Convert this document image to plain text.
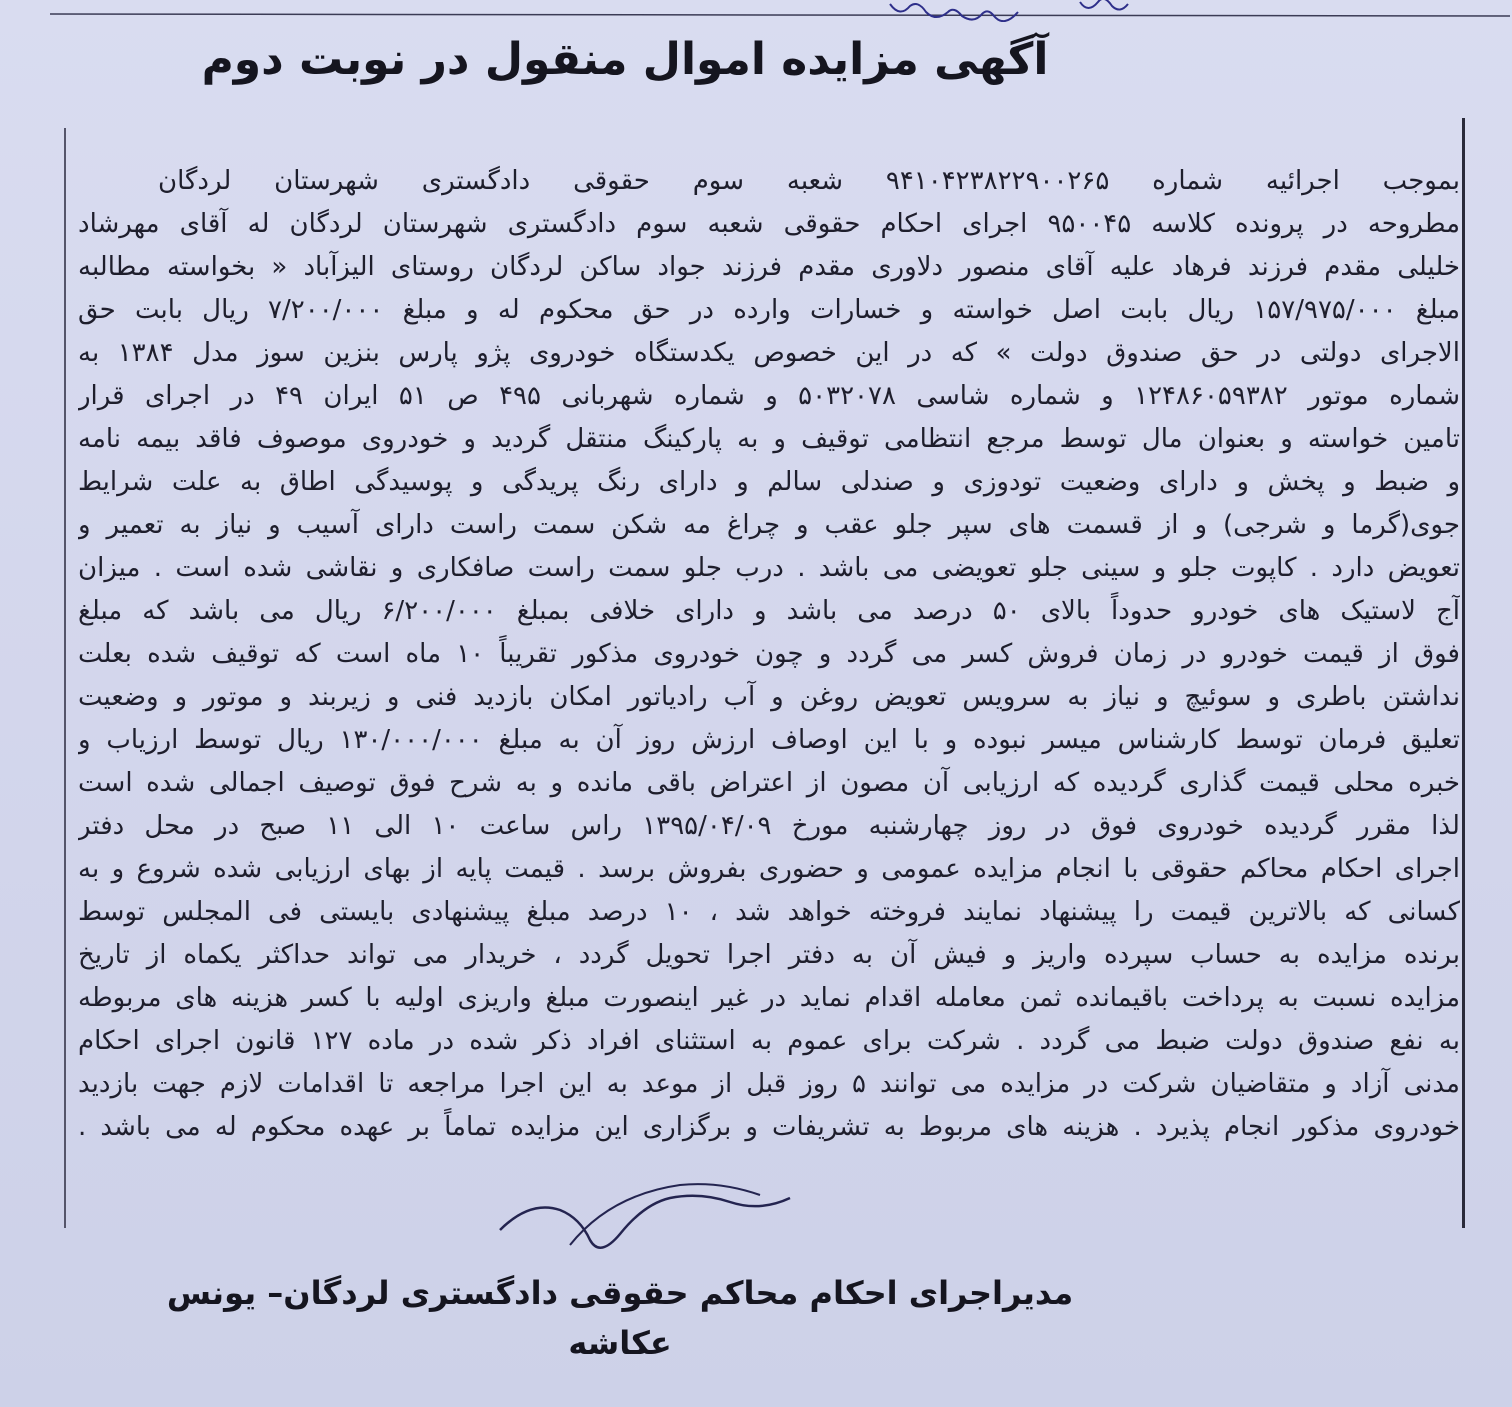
آگهی مزایده اموال منقول در نوبت دوم
بموجب اجرائیه شماره ۹۴۱۰۴۲۳۸۲۲۹۰۰۲۶۵ شعبه سوم حقوقی دادگستری شهرستان لردگان
مطروحه در پرونده کلاسه ۹۵۰۰۴۵ اجرای احکام حقوقی شعبه سوم دادگستری شهرستان لردگان له آقای مهرشاد
خلیلی مقدم فرزند فرهاد علیه آقای منصور دلاوری مقدم فرزند جواد ساکن لردگان روستای الیزآباد « بخواسته مطالبه
مبلغ ۱۵۷/۹۷۵/۰۰۰ ریال بابت اصل خواسته و خسارات وارده در حق محکوم له و مبلغ ۷/۲۰۰/۰۰۰ ریال بابت حق
الاجرای دولتی در حق صندوق دولت » که در این خصوص یکدستگاه خودروی پژو پارس بنزین سوز مدل ۱۳۸۴ به
شماره موتور ۱۲۴۸۶۰۵۹۳۸۲ و شماره شاسی ۵۰۳۲۰۷۸ و شماره شهربانی ۴۹۵ ص ۵۱ ایران ۴۹ در اجرای قرار
تامین خواسته و بعنوان مال توسط مرجع انتظامی توقیف و به پارکینگ منتقل گردید و خودروی موصوف فاقد بیمه نامه
و ضبط و پخش و دارای وضعیت تودوزی و صندلی سالم و دارای رنگ پریدگی و پوسیدگی اطاق به علت شرایط
جوی(گرما و شرجی) و از قسمت های سپر جلو عقب و چراغ مه شکن سمت راست دارای آسیب و نیاز به تعمیر و
تعویض دارد . کاپوت جلو و سینی جلو تعویضی می باشد . درب جلو سمت راست صافکاری و نقاشی شده است . میزان
آج لاستیک های خودرو حدوداً بالای ۵۰ درصد می باشد و دارای خلافی بمبلغ ۶/۲۰۰/۰۰۰ ریال می باشد که مبلغ
فوق از قیمت خودرو در زمان فروش کسر می گردد و چون خودروی مذکور تقریباً ۱۰ ماه است که توقیف شده بعلت
نداشتن باطری و سوئیچ و نیاز به سرویس تعویض روغن و آب رادیاتور امکان بازدید فنی و زیربند و موتور و وضعیت
تعلیق فرمان توسط کارشناس میسر نبوده و با این اوصاف ارزش روز آن به مبلغ ۱۳۰/۰۰۰/۰۰۰ ریال توسط ارزیاب و
خبره محلی قیمت گذاری گردیده که ارزیابی آن مصون از اعتراض باقی مانده و به شرح فوق توصیف اجمالی شده است
لذا مقرر گردیده خودروی فوق در روز چهارشنبه مورخ ۱۳۹۵/۰۴/۰۹ راس ساعت ۱۰ الی ۱۱ صبح در محل دفتر
اجرای احکام محاکم حقوقی با انجام مزایده عمومی و حضوری بفروش برسد . قیمت پایه از بهای ارزیابی شده شروع و به
کسانی که بالاترین قیمت را پیشنهاد نمایند فروخته خواهد شد ، ۱۰ درصد مبلغ پیشنهادی بایستی فی المجلس توسط
برنده مزایده به حساب سپرده واریز و فیش آن به دفتر اجرا تحویل گردد ، خریدار می تواند حداکثر یکماه از تاریخ
مزایده نسبت به پرداخت باقیمانده ثمن معامله اقدام نماید در غیر اینصورت مبلغ واریزی اولیه با کسر هزینه های مربوطه
به نفع صندوق دولت ضبط می گردد . شرکت برای عموم به استثنای افراد ذکر شده در ماده ۱۲۷ قانون اجرای احکام
مدنی آزاد و متقاضیان شرکت در مزایده می توانند ۵ روز قبل از موعد به این اجرا مراجعه تا اقدامات لازم جهت بازدید
خودروی مذکور انجام پذیرد . هزینه های مربوط به تشریفات و برگزاری این مزایده تماماً بر عهده محکوم له می باشد .
مدیراجرای احکام محاکم حقوقی دادگستری لردگان– یونس عکاشه
